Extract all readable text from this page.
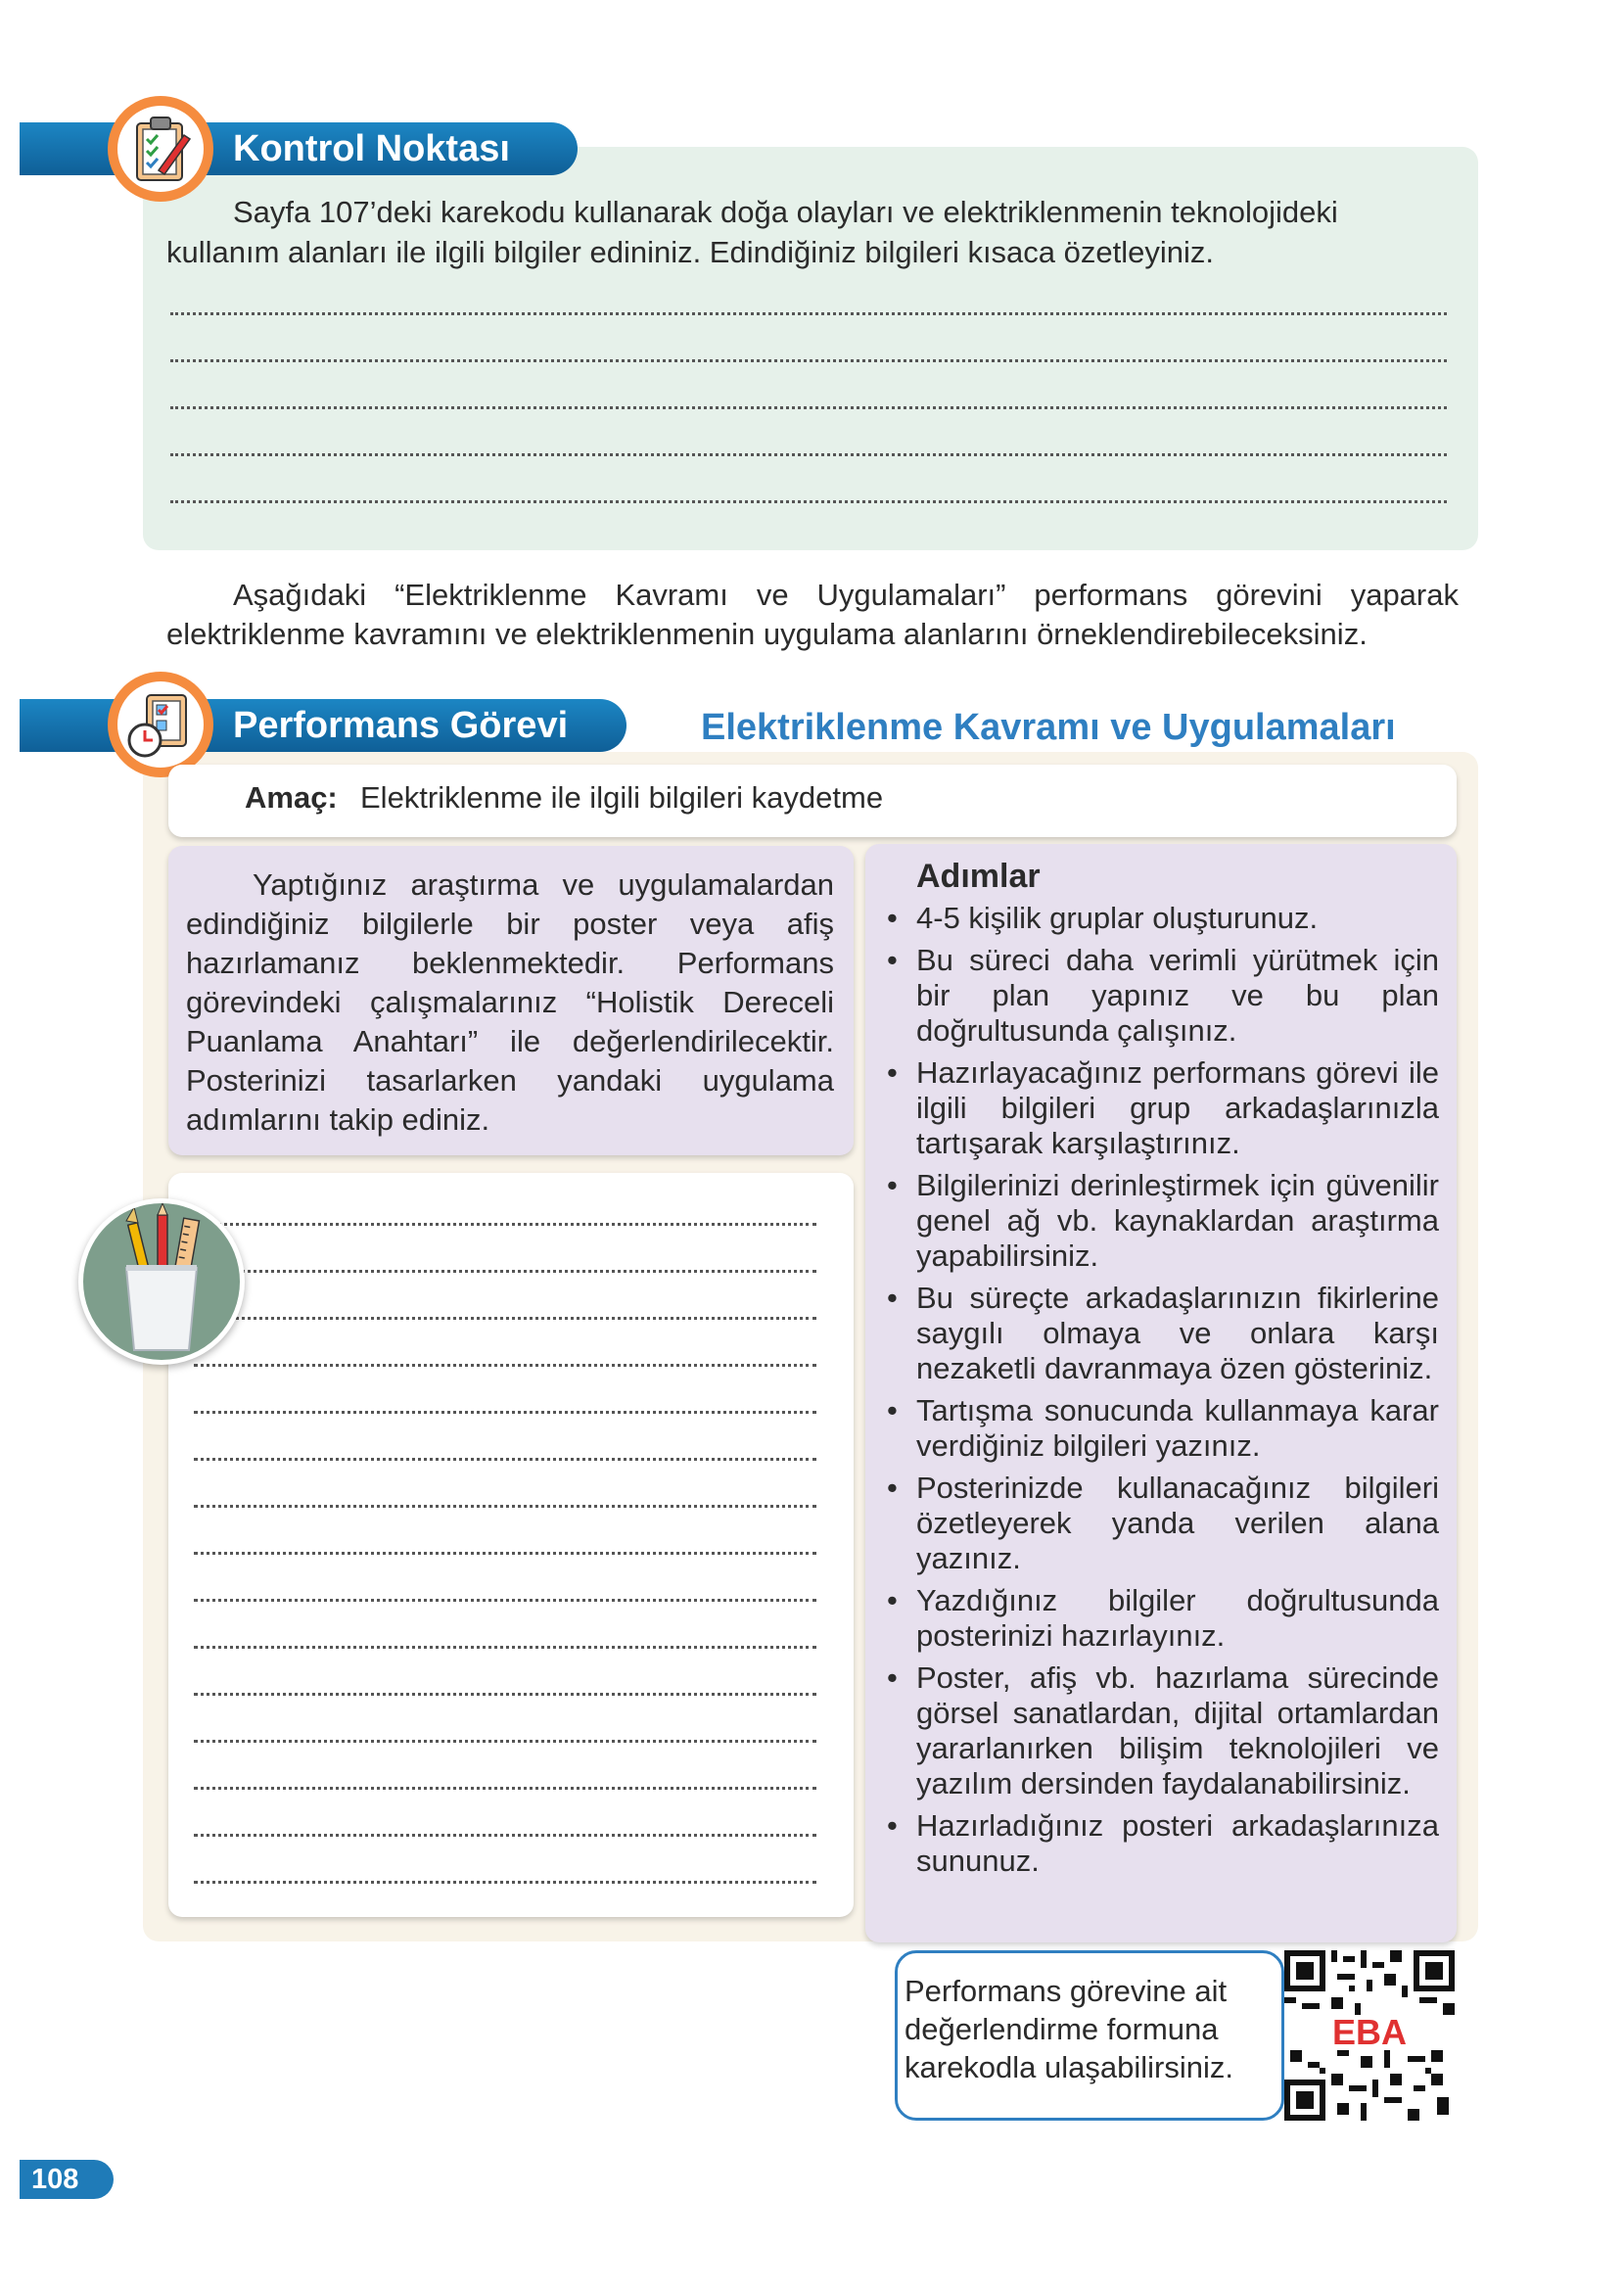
Kontrol Noktası
Sayfa 107’deki karekodu kullanarak doğa olayları ve elektriklenmenin teknolojideki kullanım alanları ile ilgili bilgiler edininiz. Edindiğiniz bilgileri kısaca özetleyiniz.
Aşağıdaki “Elektriklenme Kavramı ve Uygulamaları” performans görevini yaparak elektriklenme kavramını ve elektriklenmenin uygulama alanlarını örneklendirebileceksiniz.
Performans Görevi	Elektriklenme Kavramı ve Uygulamaları
Amaç: Elektriklenme ile ilgili bilgileri kaydetme
Yaptığınız araştırma ve uygulamalardan edindiğiniz bilgilerle bir poster veya afiş hazırlamanız beklenmektedir. Performans görevindeki çalışmalarınız “Holistik Dereceli Puanlama Anahtarı” ile değerlendirilecektir. Posterinizi tasarlarken yandaki uygulama adımlarını takip ediniz.
Adımlar
• 4-5 kişilik gruplar oluşturunuz.
• Bu süreci daha verimli yürütmek için bir plan yapınız ve bu plan doğrultusunda çalışınız.
• Hazırlayacağınız performans görevi ile ilgili bilgileri grup arkadaşlarınızla tartışarak karşılaştırınız.
• Bilgilerinizi derinleştirmek için güvenilir genel ağ vb. kaynaklardan araştırma yapabilirsiniz.
• Bu süreçte arkadaşlarınızın fikirlerine saygılı olmaya ve onlara karşı nezaketli davranmaya özen gösteriniz.
• Tartışma sonucunda kullanmaya karar verdiğiniz bilgileri yazınız.
• Posterinizde kullanacağınız bilgileri özetleyerek yanda verilen alana yazınız.
• Yazdığınız bilgiler doğrultusunda posterinizi hazırlayınız.
• Poster, afiş vb. hazırlama sürecinde görsel sanatlardan, dijital ortamlardan yararlanırken bilişim teknolojileri ve yazılım dersinden faydalanabilirsiniz.
• Hazırladığınız posteri arkadaşlarınıza sununuz.
Performans görevine ait değerlendirme formuna karekodla ulaşabilirsiniz.
EBA
108
